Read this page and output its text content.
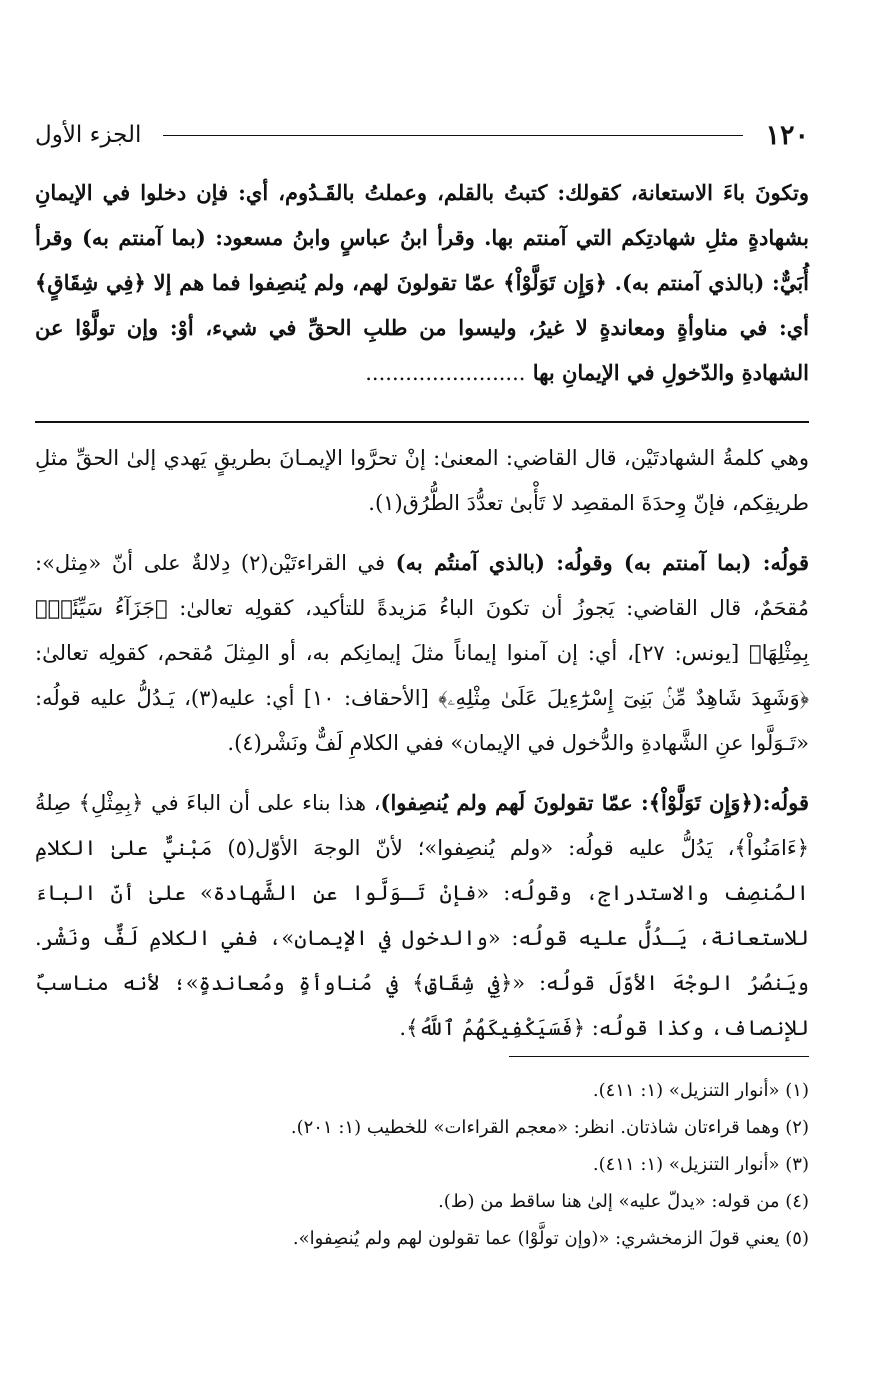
١٢٠
الجزء الأول
وتكونَ باءَ الاستعانة، كقولك: كتبتُ بالقلم، وعملتُ بالقَـدُوم، أي: فإن دخلوا في الإيمانِ بشهادةٍ مثلِ شهادتِكم التي آمنتم بها. وقرأ ابنُ عباسٍ وابنُ مسعود: (بما آمنتم به) وقرأ أُبَيٌّ: (بالذي آمنتم به). ﴿وَإِن تَوَلَّوْاْ﴾ عمّا تقولونَ لهم، ولم يُنصِفوا فما هم إلا ﴿فِي شِقَاقٍ﴾ أي: في مناوأةٍ ومعاندةٍ لا غيرُ، وليسوا من طلبِ الحقِّ في شيء، أوْ: وإن تولَّوْا عن الشهادةِ والدّخولِ في الإيمانِ بها ........................

وهي كلمةُ الشهادتَيْن، قال القاضي: المعنىٰ: إنْ تحرَّوا الإيمـانَ بطريقٍ يَهدي إلىٰ الحقِّ مثلِ طريقِكم، فإنّ وِحدَةَ المقصِد لا تَأْبىٰ تعدُّدَ الطُّرُق(١).

قولُه: (بما آمنتم به) وقولُه: (بالذي آمنتُم به) في القراءتَيْن(٢) دِلالةٌ على أنّ «مِثل»: مُقحَمٌ، قال القاضي: يَجوزُ أن تكونَ الباءُ مَزيدةً للتأكيد، كقولِه تعالىٰ: ﴿جَزَآءُ سَيِّئَةٍۭ بِمِثْلِهَا﴾ [يونس: ٢٧]، أي: إن آمنوا إيماناً مثلَ إيمانِكم به، أو المِثلَ مُقحم، كقولِه تعالىٰ: ﴿وَشَهِدَ شَاهِدٌ مِّنۢ بَنِىٓ إِسْرَٰٓءِيلَ عَلَىٰ مِثْلِهِۦ﴾ [الأحقاف: ١٠] أي: عليه(٣)، يَـدُلُّ عليه قولُه: «تَـوَلَّوا عنِ الشَّهادةِ والدُّخول في الإيمان» ففي الكلامِ لَفٌّ ونَشْر(٤).

قولُه:(﴿وَإِن تَوَلَّوْاْ﴾: عمّا تقولونَ لَهم ولم يُنصِفوا)، هذا بناء على أن الباءَ في ﴿بِمِثْلِ﴾ صِلةُ ﴿ءَامَنُواْ﴾، يَدُلُّ عليه قولُه: «ولم يُنصِفوا»؛ لأنّ الوجهَ الأوّل(٥) مَبْنيٌّ علىٰ الكلامِ المُنصِف والاستدراج، وقولُه: «فإنْ تَـوَلَّوا عنِ الشَّهادة» علىٰ أنّ الباءَ للاستعانة، يَـدُلُّ عليه قولُه: «والدخول في الإيمان»، ففي الكلامِ لَفٌّ ونَشْر. ويَنصُرُ الوجْهَ الأوّلَ قولُه: «﴿فِي شِقَاقٍ﴾ في مُناوأةٍ ومُعاندةٍ»؛ لأنه مناسبٌ للإنصاف، وكذا قولُه: ﴿فَسَيَكْفِيكَهُمُ ٱللَّهُ﴾.

(١) «أنوار التنزيل» (١: ٤١١).
(٢) وهما قراءتان شاذتان. انظر: «معجم القراءات» للخطيب (١: ٢٠١).
(٣) «أنوار التنزيل» (١: ٤١١).
(٤) من قوله: «يدلّ عليه» إلىٰ هنا ساقط من (ط).
(٥) يعني قولَ الزمخشري: «(وإن تولَّوْا) عما تقولون لهم ولم يُنصِفوا».
